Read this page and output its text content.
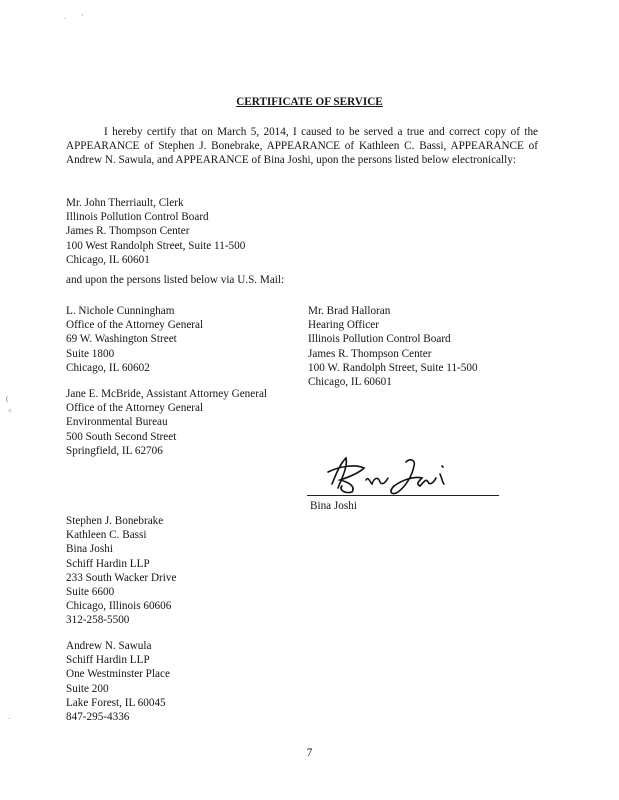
CERTIFICATE OF SERVICE
I hereby certify that on March 5, 2014, I caused to be served a true and correct copy of the APPEARANCE of Stephen J. Bonebrake, APPEARANCE of Kathleen C. Bassi, APPEARANCE of Andrew N. Sawula, and APPEARANCE of Bina Joshi, upon the persons listed below electronically:
Mr. John Therriault, Clerk
Illinois Pollution Control Board
James R. Thompson Center
100 West Randolph Street, Suite 11-500
Chicago, IL 60601
and upon the persons listed below via U.S. Mail:
L. Nichole Cunningham
Office of the Attorney General
69 W. Washington Street
Suite 1800
Chicago, IL 60602
Mr. Brad Halloran
Hearing Officer
Illinois Pollution Control Board
James R. Thompson Center
100 W. Randolph Street, Suite 11-500
Chicago, IL 60601
Jane E. McBride, Assistant Attorney General
Office of the Attorney General
Environmental Bureau
500 South Second Street
Springfield, IL 62706
Bina Joshi
Stephen J. Bonebrake
Kathleen C. Bassi
Bina Joshi
Schiff Hardin LLP
233 South Wacker Drive
Suite 6600
Chicago, Illinois 60606
312-258-5500
Andrew N. Sawula
Schiff Hardin LLP
One Westminster Place
Suite 200
Lake Forest, IL 60045
847-295-4336
7
· '
(
<
·
